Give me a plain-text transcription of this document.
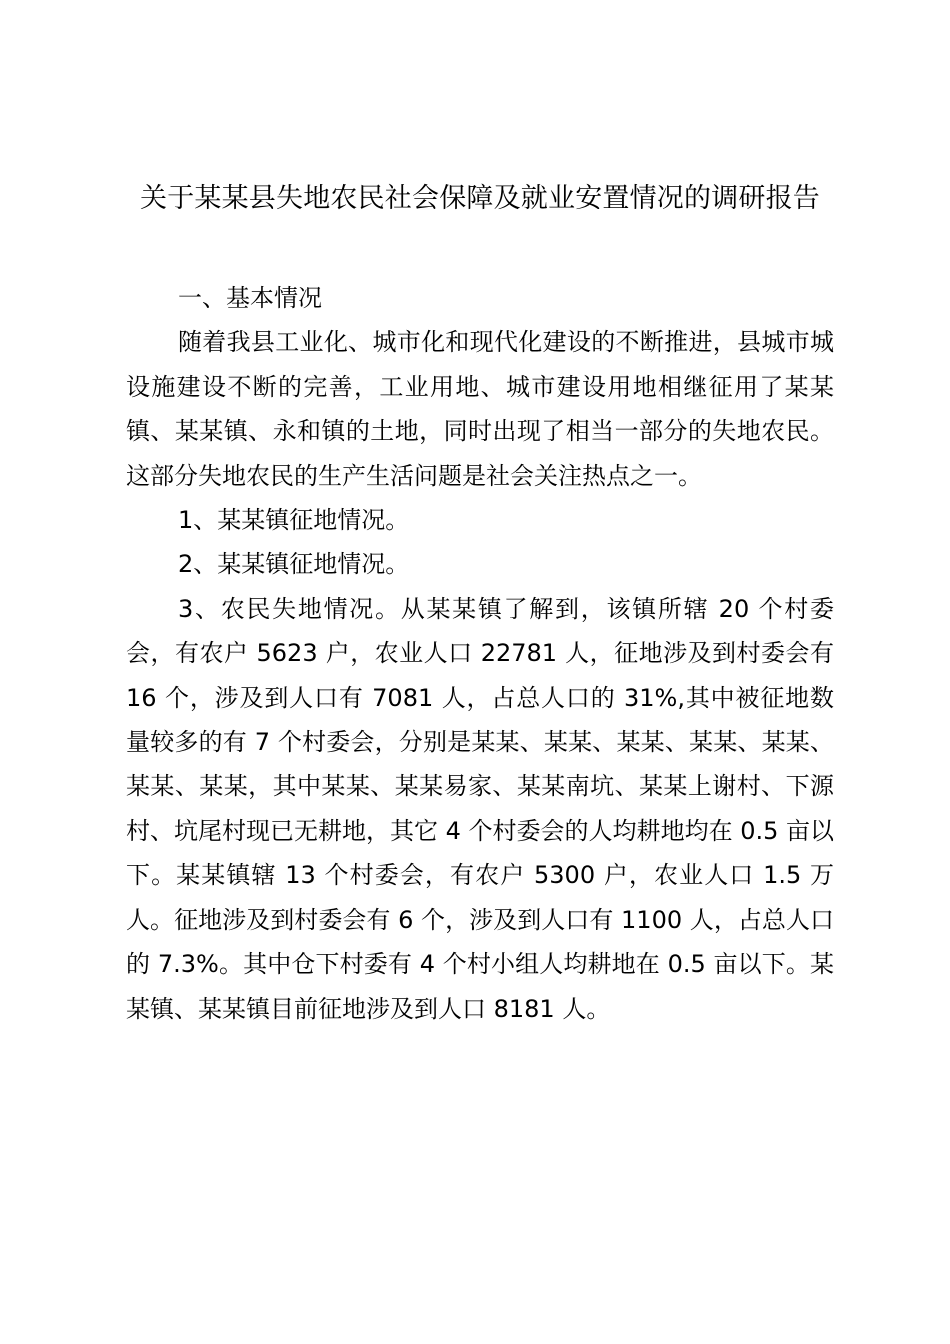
关于某某县失地农民社会保障及就业安置情况的调研报告

一、基本情况

随着我县工业化、城市化和现代化建设的不断推进，县城市城设施建设不断的完善，工业用地、城市建设用地相继征用了某某镇、某某镇、永和镇的土地，同时出现了相当一部分的失地农民。这部分失地农民的生产生活问题是社会关注热点之一。

1、某某镇征地情况。

2、某某镇征地情况。

3、农民失地情况。从某某镇了解到，该镇所辖 20 个村委会，有农户 5623 户，农业人口 22781 人，征地涉及到村委会有 16 个，涉及到人口有 7081 人，占总人口的 31%,其中被征地数量较多的有 7 个村委会，分别是某某、某某、某某、某某、某某、某某、某某，其中某某、某某易家、某某南坑、某某上谢村、下源村、坑尾村现已无耕地，其它 4 个村委会的人均耕地均在 0.5 亩以下。某某镇辖 13 个村委会，有农户 5300 户，农业人口 1.5 万人。征地涉及到村委会有 6 个，涉及到人口有 1100 人，占总人口的 7.3%。其中仓下村委有 4 个村小组人均耕地在 0.5 亩以下。某某镇、某某镇目前征地涉及到人口 8181 人。
